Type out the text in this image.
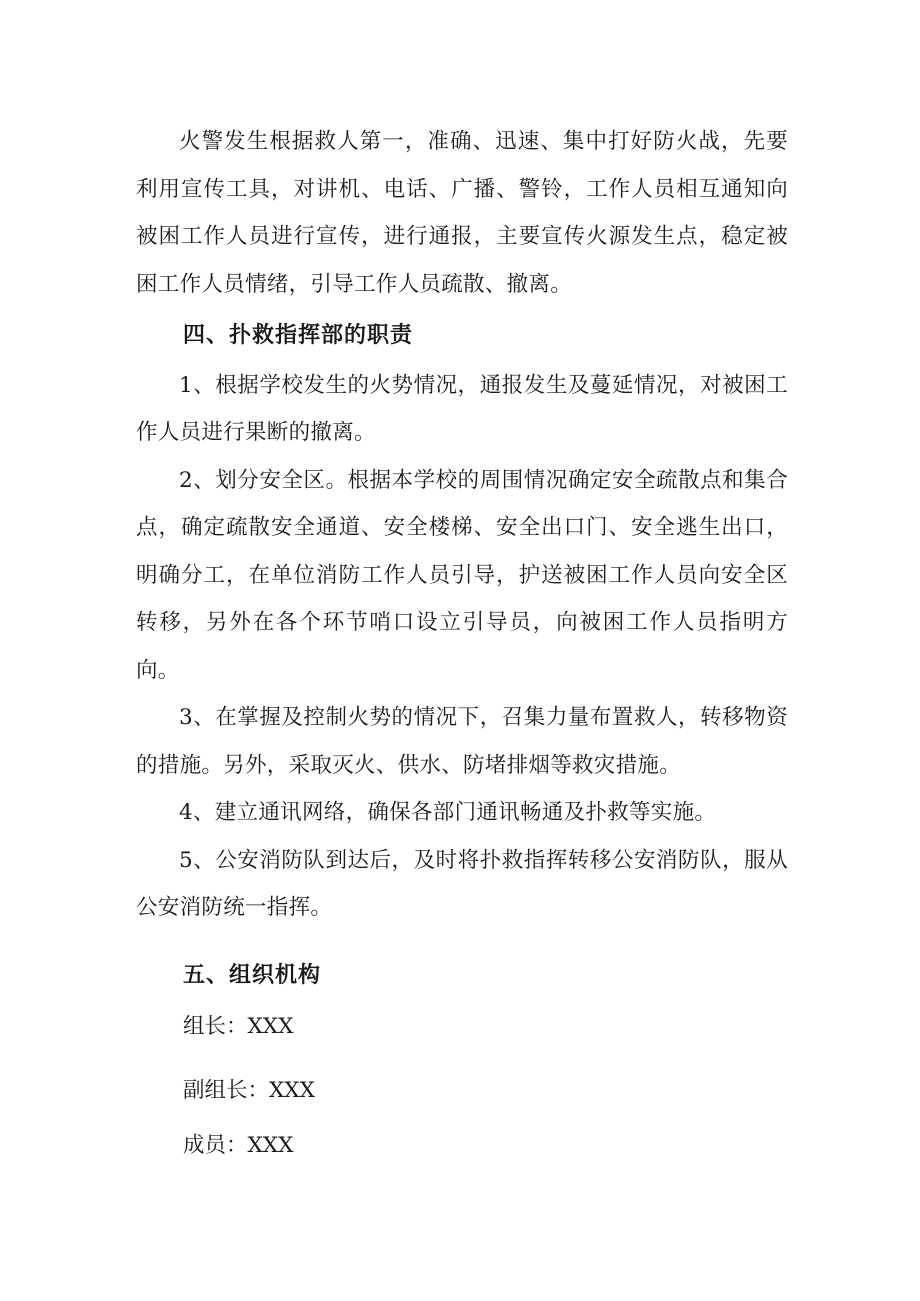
火警发生根据救人第一，准确、迅速、集中打好防火战，先要利用宣传工具，对讲机、电话、广播、警铃，工作人员相互通知向被困工作人员进行宣传，进行通报，主要宣传火源发生点，稳定被困工作人员情绪，引导工作人员疏散、撤离。

四、扑救指挥部的职责

1、根据学校发生的火势情况，通报发生及蔓延情况，对被困工作人员进行果断的撤离。

2、划分安全区。根据本学校的周围情况确定安全疏散点和集合点，确定疏散安全通道、安全楼梯、安全出口门、安全逃生出口，明确分工，在单位消防工作人员引导，护送被困工作人员向安全区转移，另外在各个环节哨口设立引导员，向被困工作人员指明方向。

3、在掌握及控制火势的情况下，召集力量布置救人，转移物资的措施。另外，采取灭火、供水、防堵排烟等救灾措施。

4、建立通讯网络，确保各部门通讯畅通及扑救等实施。

5、公安消防队到达后，及时将扑救指挥转移公安消防队，服从公安消防统一指挥。

五、组织机构

组长：XXX

副组长：XXX

成员：XXX
